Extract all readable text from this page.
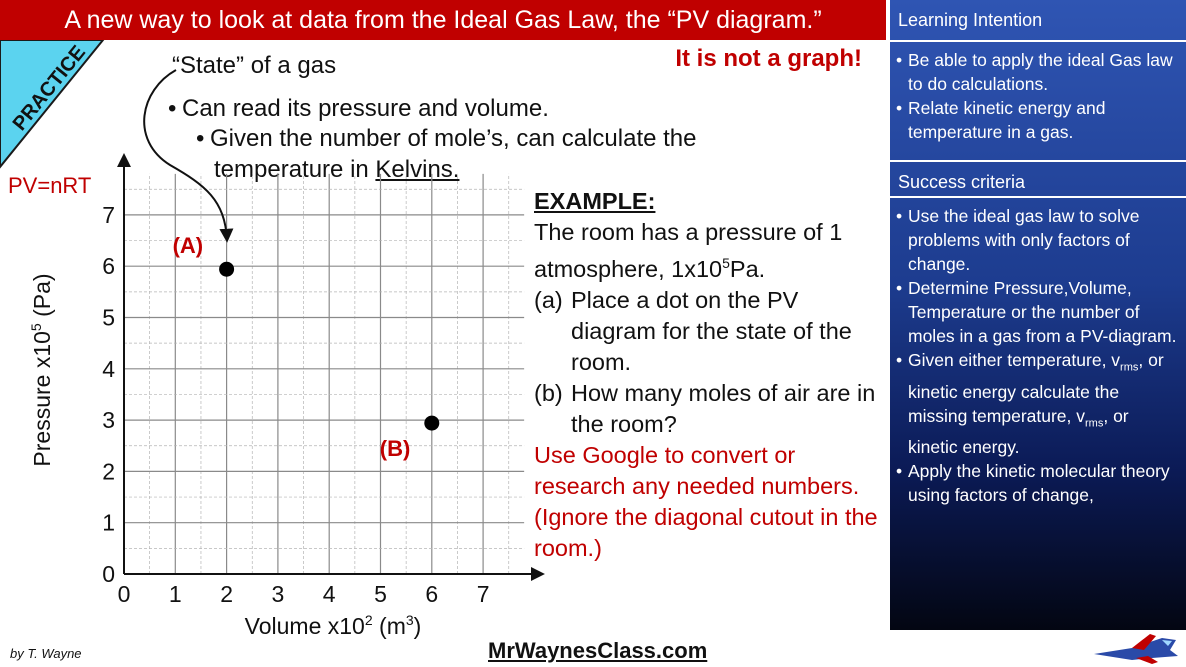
A new way to look at data from the Ideal Gas Law, the “PV diagram.”
PRACTICE	It is not a graph!
“State” of a gas
• Can read its pressure and volume.
• Given the number of mole’s, can calculate the
temperature in Kelvins.
PV=nRT
0 1 2 3 4 5 6 7
0
1
2
3
4
5
6
7
(A)
(B)
Pressure $x10^5$ (Pa)
Volume $x10^2$ $(m^3)$
EXAMPLE:
The room has a pressure of 1 atmosphere, $1x10^5Pa$.
(a) Place a dot on the PV diagram for the state of the room.
(b) How many moles of air are in the room?
Use Google to convert or research any needed numbers. (Ignore the diagonal cutout in the room.)
Learning Intention
• Be able to apply the ideal Gas law to do calculations.
• Relate kinetic energy and temperature in a gas.
Success criteria
• Use the ideal gas law to solve problems with only factors of change.
• Determine Pressure,Volume, Temperature or the number of moles in a gas from a PV-diagram.
• Given either temperature, $v_{rms}$, or kinetic energy calculate the missing temperature, $v_{rms}$, or kinetic energy.
• Apply the kinetic molecular theory using factors of change,
by T. Wayne	MrWaynesClass.com
